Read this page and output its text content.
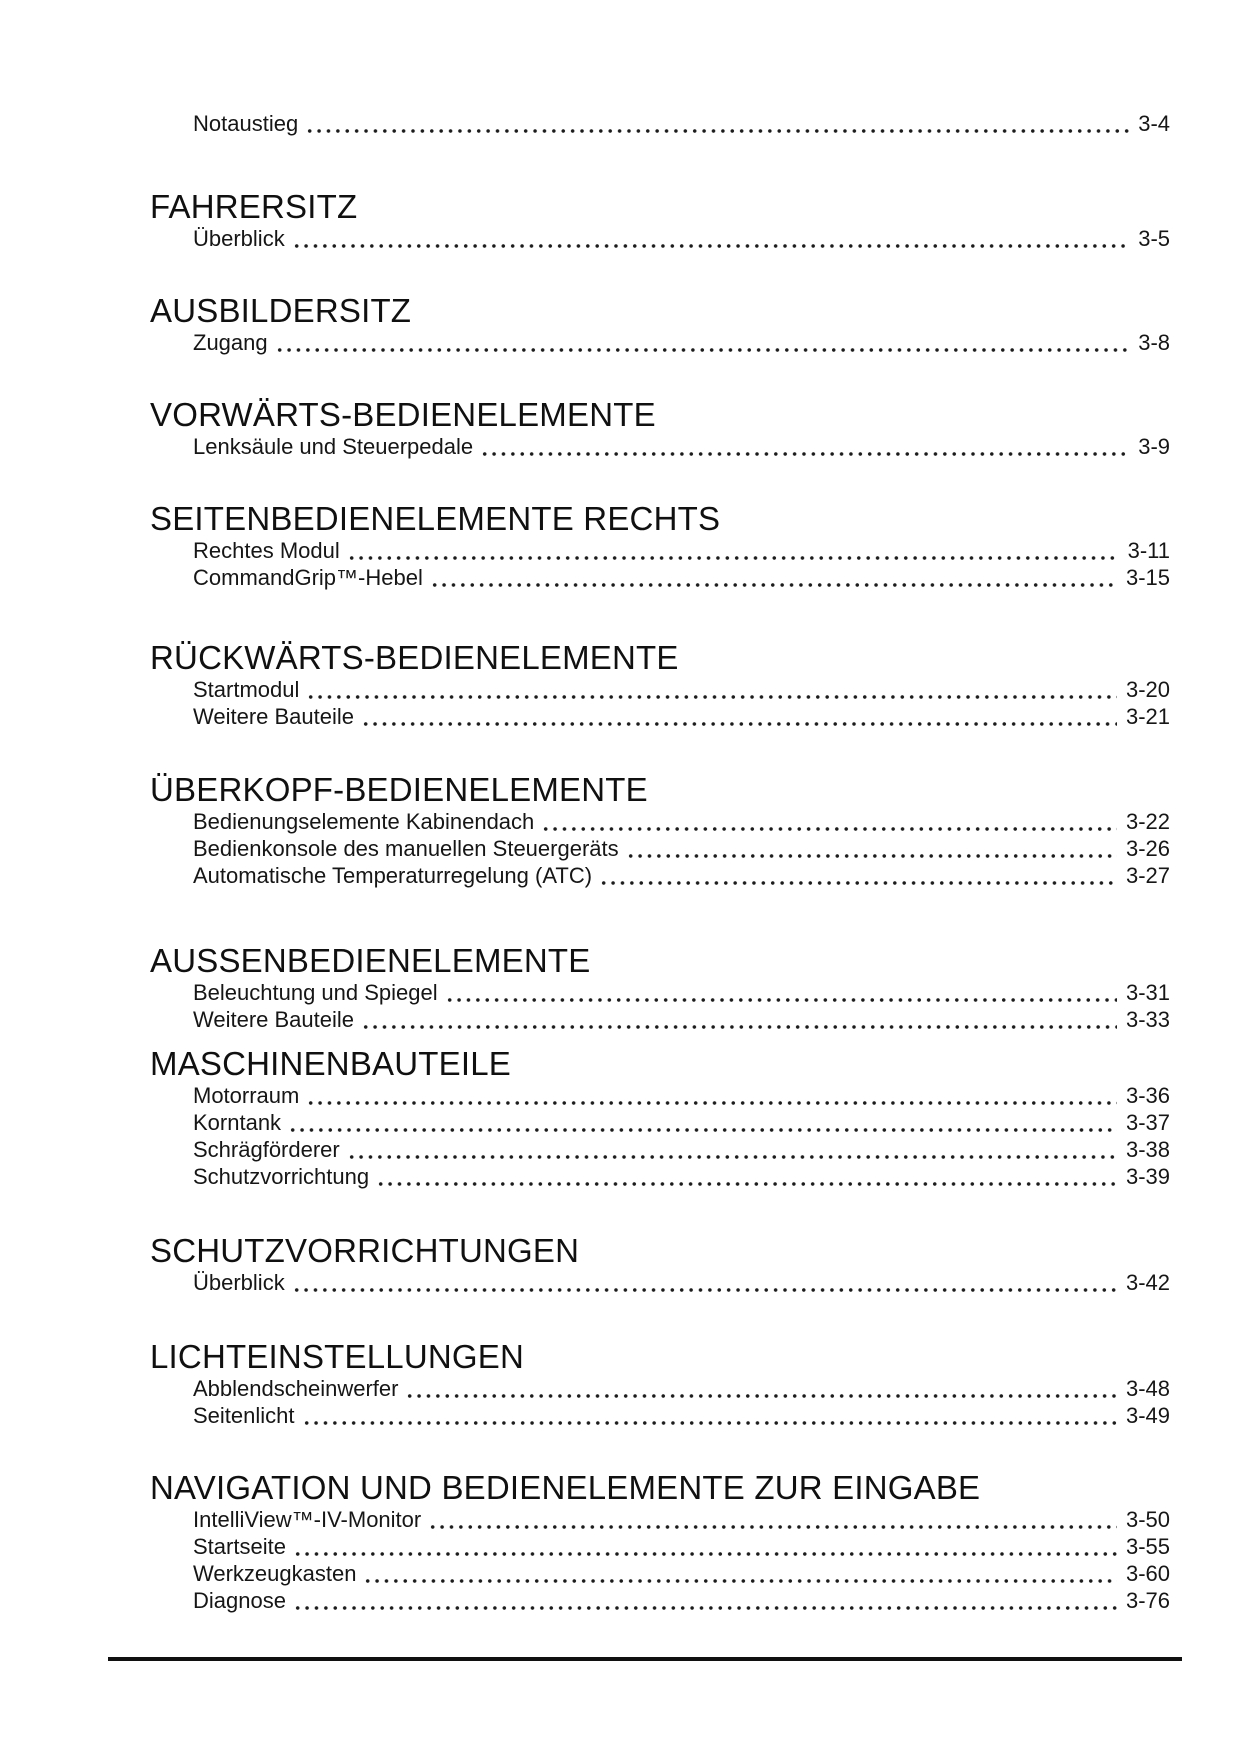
Notaustieg	3-4
FAHRERSITZ
Überblick	3-5
AUSBILDERSITZ
Zugang	3-8
VORWÄRTS-BEDIENELEMENTE
Lenksäule und Steuerpedale	3-9
SEITENBEDIENELEMENTE RECHTS
Rechtes Modul	3-11
CommandGrip™-Hebel	3-15
RÜCKWÄRTS-BEDIENELEMENTE
Startmodul	3-20
Weitere Bauteile	3-21
ÜBERKOPF-BEDIENELEMENTE
Bedienungselemente Kabinendach	3-22
Bedienkonsole des manuellen Steuergeräts	3-26
Automatische Temperaturregelung (ATC)	3-27
AUSSENBEDIENELEMENTE
Beleuchtung und Spiegel	3-31
Weitere Bauteile	3-33
MASCHINENBAUTEILE
Motorraum	3-36
Korntank	3-37
Schrägförderer	3-38
Schutzvorrichtung	3-39
SCHUTZVORRICHTUNGEN
Überblick	3-42
LICHTEINSTELLUNGEN
Abblendscheinwerfer	3-48
Seitenlicht	3-49
NAVIGATION UND BEDIENELEMENTE ZUR EINGABE
IntelliView™-IV-Monitor	3-50
Startseite	3-55
Werkzeugkasten	3-60
Diagnose	3-76
